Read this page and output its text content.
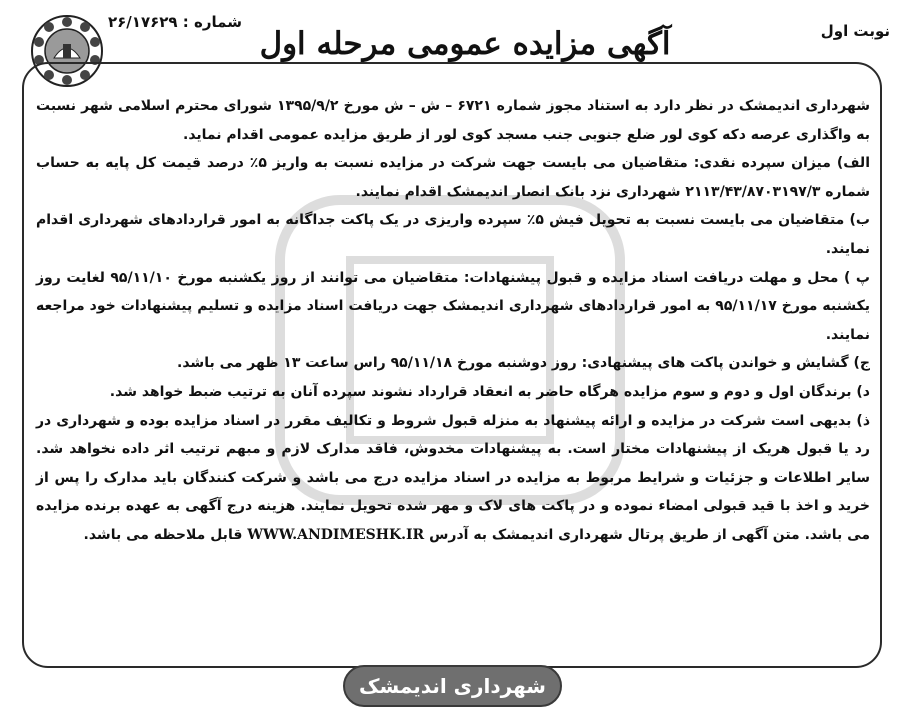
شماره : ۲۶/۱۷۶۲۹
آگهی مزایده عمومی مرحله اول	نوبت اول

شهرداری اندیمشک در نظر دارد به استناد مجوز شماره ۶۷۲۱ – ش – ش مورخ ۱۳۹۵/۹/۲ شورای محترم اسلامی شهر نسبت به واگذاری عرصه دکه کوی لور ضلع جنوبی جنب مسجد کوی لور از طریق مزایده عمومی اقدام نماید.

الف) میزان سپرده نقدی: متقاضیان می بایست جهت شرکت در مزایده نسبت به واریز ۵٪ درصد قیمت کل پایه به حساب شماره ۲۱۱۳/۴۳/۸۷۰۳۱۹۷/۳ شهرداری نزد بانک انصار اندیمشک اقدام نمایند.

ب) متقاضیان می بایست نسبت به تحویل فیش ۵٪ سپرده واریزی در یک پاکت جداگانه به امور قراردادهای شهرداری اقدام نمایند.

پ ) محل و مهلت دریافت اسناد مزایده و قبول پیشنهادات: متقاضیان می توانند از روز یکشنبه مورخ ۹۵/۱۱/۱۰ لغایت روز یکشنبه مورخ ۹۵/۱۱/۱۷ به امور قراردادهای شهرداری اندیمشک جهت دریافت اسناد مزایده و تسلیم پیشنهادات خود مراجعه نمایند.

ج) گشایش و خواندن پاکت های پیشنهادی: روز دوشنبه مورخ ۹۵/۱۱/۱۸ راس ساعت ۱۳ ظهر می باشد.

د) برندگان اول و دوم و سوم مزایده هرگاه حاضر به انعقاد قرارداد نشوند سپرده آنان به ترتیب ضبط خواهد شد.

ذ) بدیهی است شرکت در مزایده و ارائه پیشنهاد به منزله قبول شروط و تکالیف مقرر در اسناد مزایده بوده و شهرداری در رد یا قبول هریک از پیشنهادات مختار است. به پیشنهادات مخدوش، فاقد مدارک لازم و مبهم ترتیب اثر داده نخواهد شد. سایر اطلاعات و جزئیات و شرایط مربوط به مزایده در اسناد مزایده درج می باشد و شرکت کنندگان باید مدارک را پس از خرید و اخذ با قید قبولی امضاء نموده و در پاکت های لاک و مهر شده تحویل نمایند. هزینه درج آگهی به عهده برنده مزایده می باشد. متن آگهی از طریق پرتال شهرداری اندیمشک به آدرس WWW.ANDIMESHK.IR قابل ملاحظه می باشد.

شهرداری اندیمشک
